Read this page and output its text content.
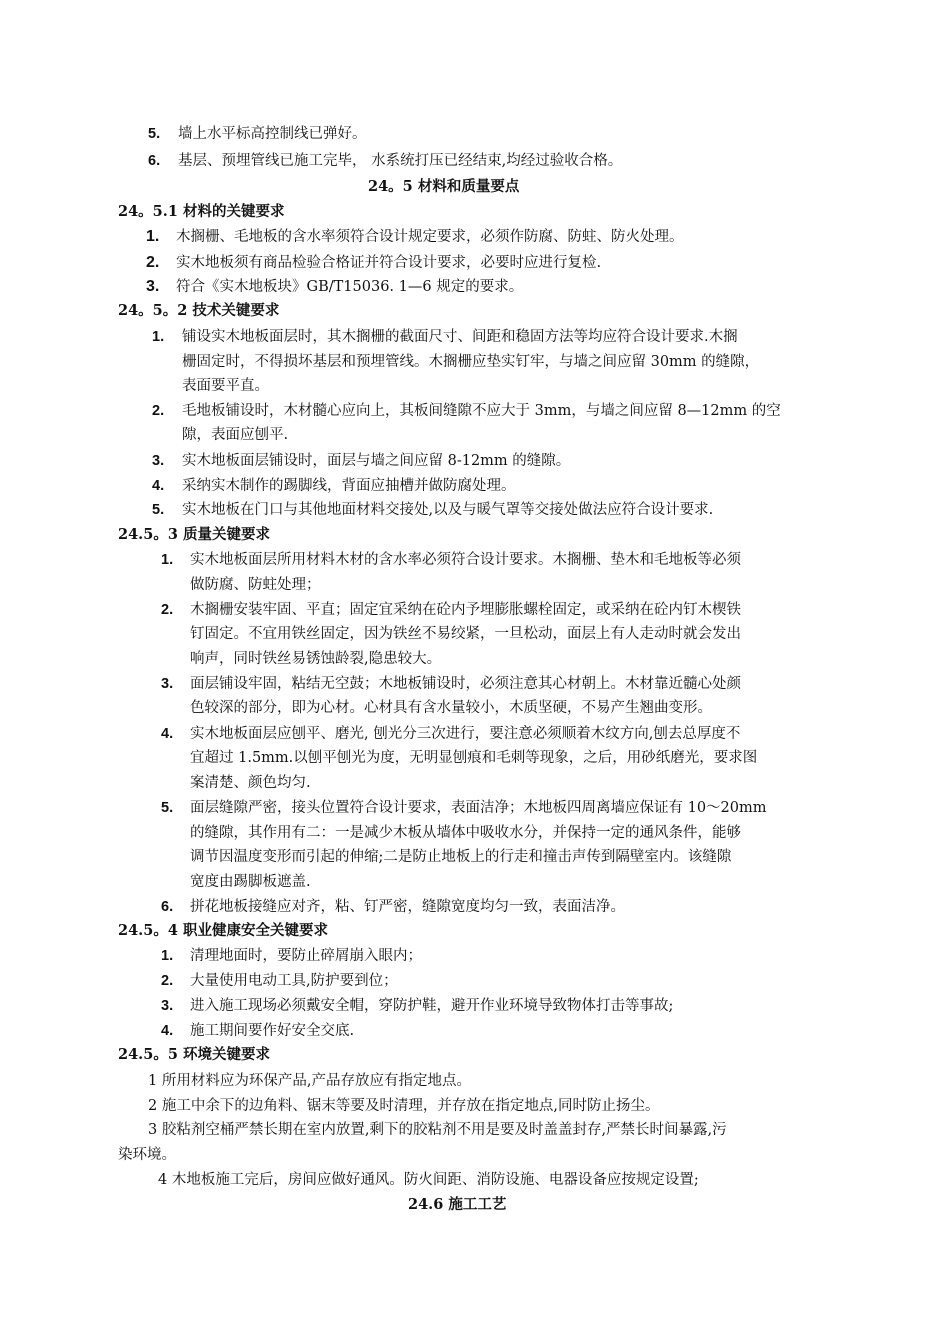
5. 墙上水平标高控制线已弹好。
6. 基层、预埋管线已施工完毕， 水系统打压已经结束,均经过验收合格。
24。5 材料和质量要点
24。5.1 材料的关键要求
1. 木搁栅、毛地板的含水率须符合设计规定要求，必须作防腐、防蛀、防火处理。
2. 实木地板须有商品检验合格证并符合设计要求，必要时应进行复检.
3. 符合《实木地板块》GB/T15036. 1—6 规定的要求。
24。5。2 技术关键要求
1. 铺设实木地板面层时，其木搁栅的截面尺寸、间距和稳固方法等均应符合设计要求.木搁
栅固定时，不得损坏基层和预埋管线。木搁栅应垫实钉牢，与墙之间应留 30mm 的缝隙，
表面要平直。
2. 毛地板铺设时，木材髓心应向上，其板间缝隙不应大于 3mm，与墙之间应留 8—12mm 的空
隙，表面应刨平.
3. 实木地板面层铺设时，面层与墙之间应留 8-12mm 的缝隙。
4. 采纳实木制作的踢脚线，背面应抽槽并做防腐处理。
5. 实木地板在门口与其他地面材料交接处,以及与暖气罩等交接处做法应符合设计要求.
24.5。3 质量关键要求
1. 实木地板面层所用材料木材的含水率必须符合设计要求。木搁栅、垫木和毛地板等必须
做防腐、防蛀处理；
2. 木搁栅安装牢固、平直；固定宜采纳在砼内予埋膨胀螺栓固定，或采纳在砼内钉木楔铁
钉固定。不宜用铁丝固定，因为铁丝不易绞紧，一旦松动，面层上有人走动时就会发出
响声，同时铁丝易锈蚀龄裂,隐患较大。
3. 面层铺设牢固，粘结无空鼓；木地板铺设时，必须注意其心材朝上。木材靠近髓心处颜
色较深的部分，即为心材。心材具有含水量较小，木质坚硬，不易产生翘曲变形。
4. 实木地板面层应刨平、磨光, 刨光分三次进行，要注意必须顺着木纹方向,刨去总厚度不
宜超过 1.5mm.以刨平刨光为度，无明显刨痕和毛刺等现象，之后，用砂纸磨光，要求图
案清楚、颜色均匀.
5. 面层缝隙严密，接头位置符合设计要求，表面洁净；木地板四周离墙应保证有 10～20mm
的缝隙，其作用有二：一是减少木板从墙体中吸收水分，并保持一定的通风条件，能够
调节因温度变形而引起的伸缩;二是防止地板上的行走和撞击声传到隔壁室内。该缝隙
宽度由踢脚板遮盖.
6. 拼花地板接缝应对齐，粘、钉严密，缝隙宽度均匀一致，表面洁净。
24.5。4 职业健康安全关键要求
1. 清理地面时，要防止碎屑崩入眼内；
2. 大量使用电动工具,防护要到位；
3. 进入施工现场必须戴安全帽，穿防护鞋，避开作业环境导致物体打击等事故;
4. 施工期间要作好安全交底.
24.5。5 环境关键要求
1 所用材料应为环保产品,产品存放应有指定地点。
2 施工中余下的边角料、锯末等要及时清理，并存放在指定地点,同时防止扬尘。
3 胶粘剂空桶严禁长期在室内放置,剩下的胶粘剂不用是要及时盖盖封存,严禁长时间暴露,污
染环境。
4 木地板施工完后，房间应做好通风。防火间距、消防设施、电器设备应按规定设置;
24.6 施工工艺
